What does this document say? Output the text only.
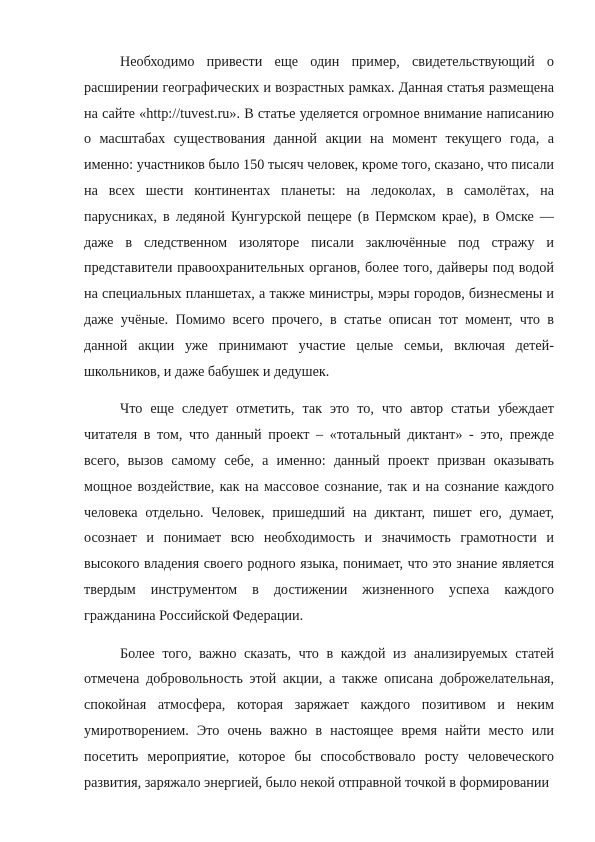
Необходимо привести еще один пример, свидетельствующий о расширении географических и возрастных рамках. Данная статья размещена на сайте «http://tuvest.ru». В статье уделяется огромное внимание написанию о масштабах существования данной акции на момент текущего года, а именно: участников было 150 тысяч человек, кроме того, сказано, что писали на всех шести континентах планеты: на ледоколах, в самолётах, на парусниках, в ледяной Кунгурской пещере (в Пермском крае), в Омске — даже в следственном изоляторе писали заключённые под стражу и представители правоохранительных органов, более того, дайверы под водой на специальных планшетах, а также министры, мэры городов, бизнесмены и даже учёные. Помимо всего прочего, в статье описан тот момент, что в данной акции уже принимают участие целые семьи, включая детей- школьников, и даже бабушек и дедушек.

Что еще следует отметить, так это то, что автор статьи убеждает читателя в том, что данный проект – «тотальный диктант» - это, прежде всего, вызов самому себе, а именно: данный проект призван оказывать мощное воздействие, как на массовое сознание, так и на сознание каждого человека отдельно. Человек, пришедший на диктант, пишет его, думает, осознает и понимает всю необходимость и значимость грамотности и высокого владения своего родного языка, понимает, что это знание является твердым инструментом в достижении жизненного успеха каждого гражданина Российской Федерации.

Более того, важно сказать, что в каждой из анализируемых статей отмечена добровольность этой акции, а также описана доброжелательная, спокойная атмосфера, которая заряжает каждого позитивом и неким умиротворением. Это очень важно в настоящее время найти место или посетить мероприятие, которое бы способствовало росту человеческого развития, заряжало энергией, было некой отправной точкой в формировании
